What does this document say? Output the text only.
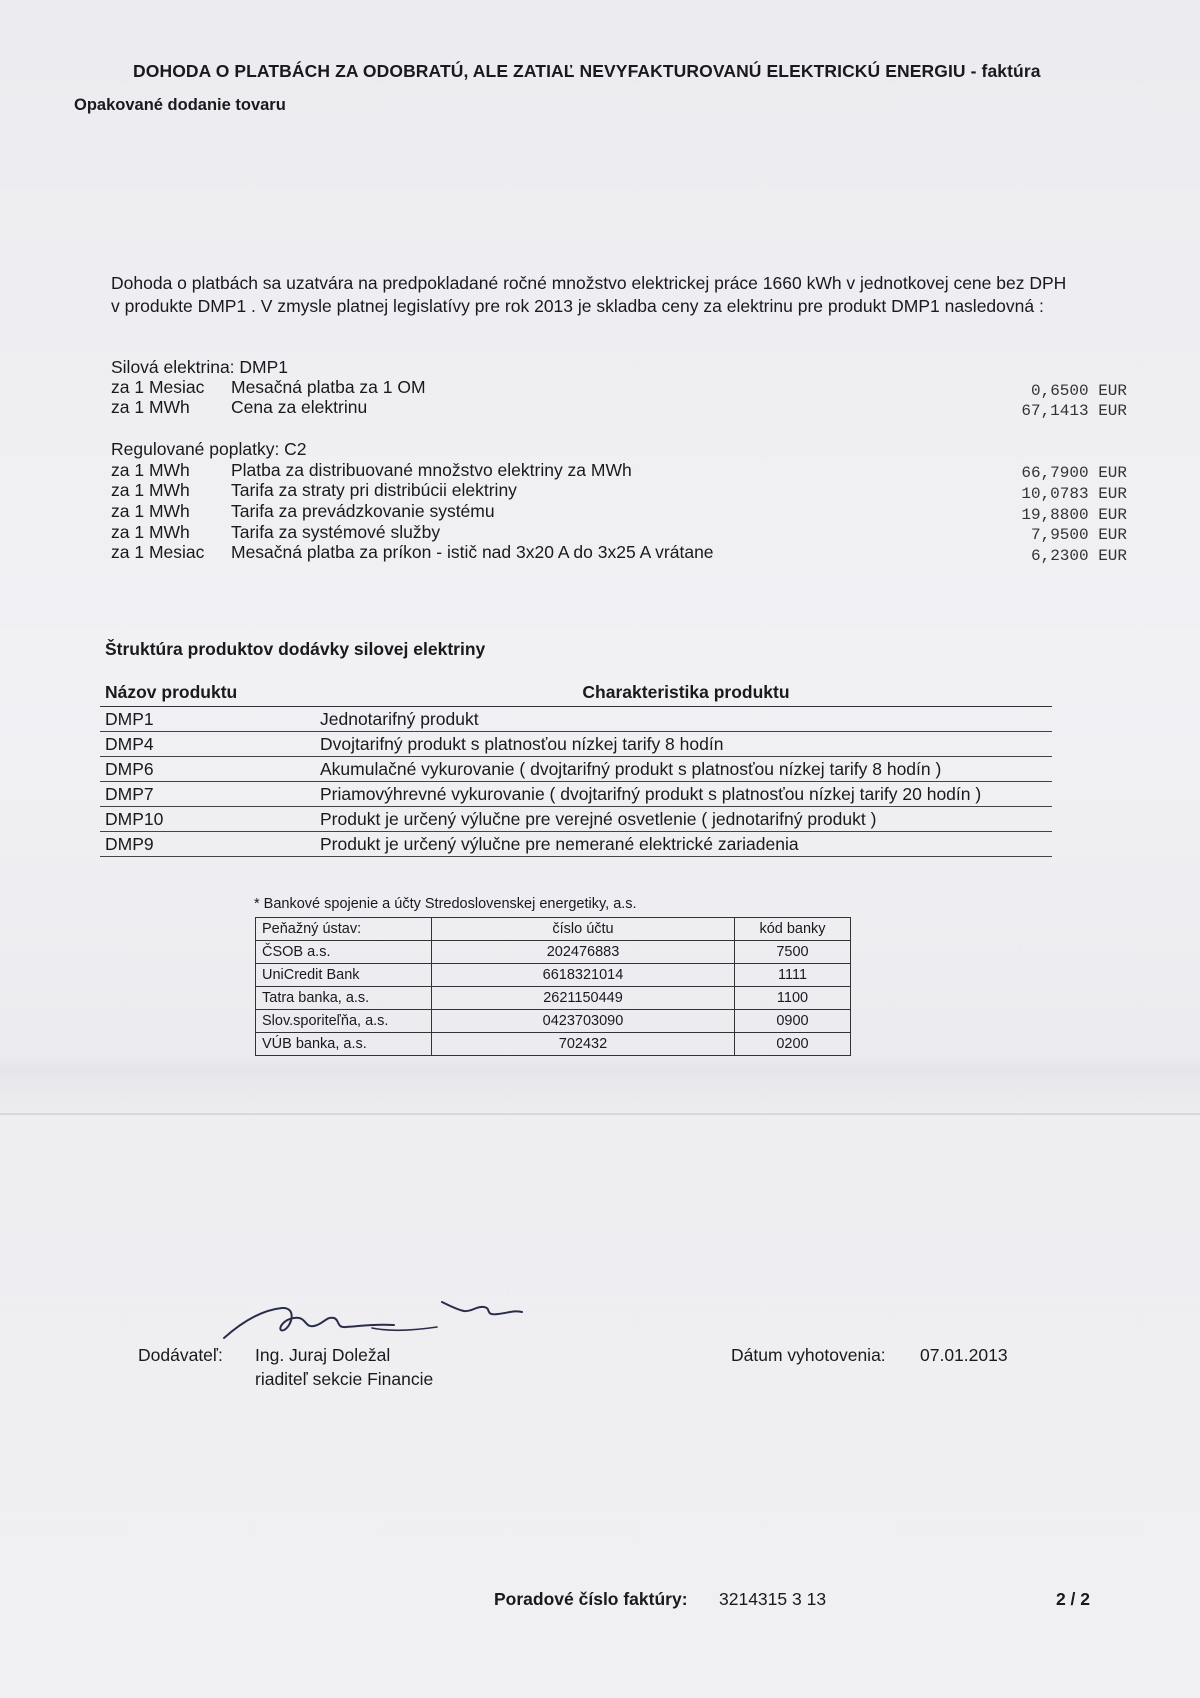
DOHODA O PLATBÁCH ZA ODOBRATÚ, ALE ZATIAĽ NEVYFAKTUROVANÚ ELEKTRICKÚ ENERGIU - faktúra
Opakované dodanie tovaru
Dohoda o platbách sa uzatvára na predpokladané ročné množstvo elektrickej práce 1660 kWh v jednotkovej cene bez DPH v produkte DMP1 . V zmysle platnej legislatívy pre rok 2013 je skladba ceny za elektrinu pre produkt DMP1 nasledovná :
Silová elektrina: DMP1
za 1 Mesiac Mesačná platba za 1 OM	0,6500 EUR
za 1 MWh Cena za elektrinu	67,1413 EUR
Regulované poplatky: C2
za 1 MWh Platba za distribuované množstvo elektriny za MWh	66,7900 EUR
za 1 MWh Tarifa za straty pri distribúcii elektriny	10,0783 EUR
za 1 MWh Tarifa za prevádzkovanie systému	19,8800 EUR
za 1 MWh Tarifa za systémové služby	7,9500 EUR
za 1 Mesiac Mesačná platba za príkon - istič nad 3x20 A do 3x25 A vrátane	6,2300 EUR
Štruktúra produktov dodávky silovej elektriny
Názov produktu	Charakteristika produktu
DMP1	Jednotarifný produkt
DMP4	Dvojtarifný produkt s platnosťou nízkej tarify 8 hodín
DMP6	Akumulačné vykurovanie ( dvojtarifný produkt s platnosťou nízkej tarify 8 hodín )
DMP7	Priamovýhrevné vykurovanie ( dvojtarifný produkt s platnosťou nízkej tarify 20 hodín )
DMP10	Produkt je určený výlučne pre verejné osvetlenie ( jednotarifný produkt )
DMP9	Produkt je určený výlučne pre nemerané elektrické zariadenia
* Bankové spojenie a účty Stredoslovenskej energetiky, a.s.
Peňažný ústav:	číslo účtu	kód banky
ČSOB a.s.	202476883	7500
UniCredit Bank	6618321014	1111
Tatra banka, a.s.	2621150449	1100
Slov.sporiteľňa, a.s.	0423703090	0900
VÚB banka, a.s.	702432	0200
Dodávateľ: Ing. Juraj Doležal
riaditeľ sekcie Financie
Dátum vyhotovenia: 07.01.2013
Poradové číslo faktúry: 3214315 3 13	2 / 2
